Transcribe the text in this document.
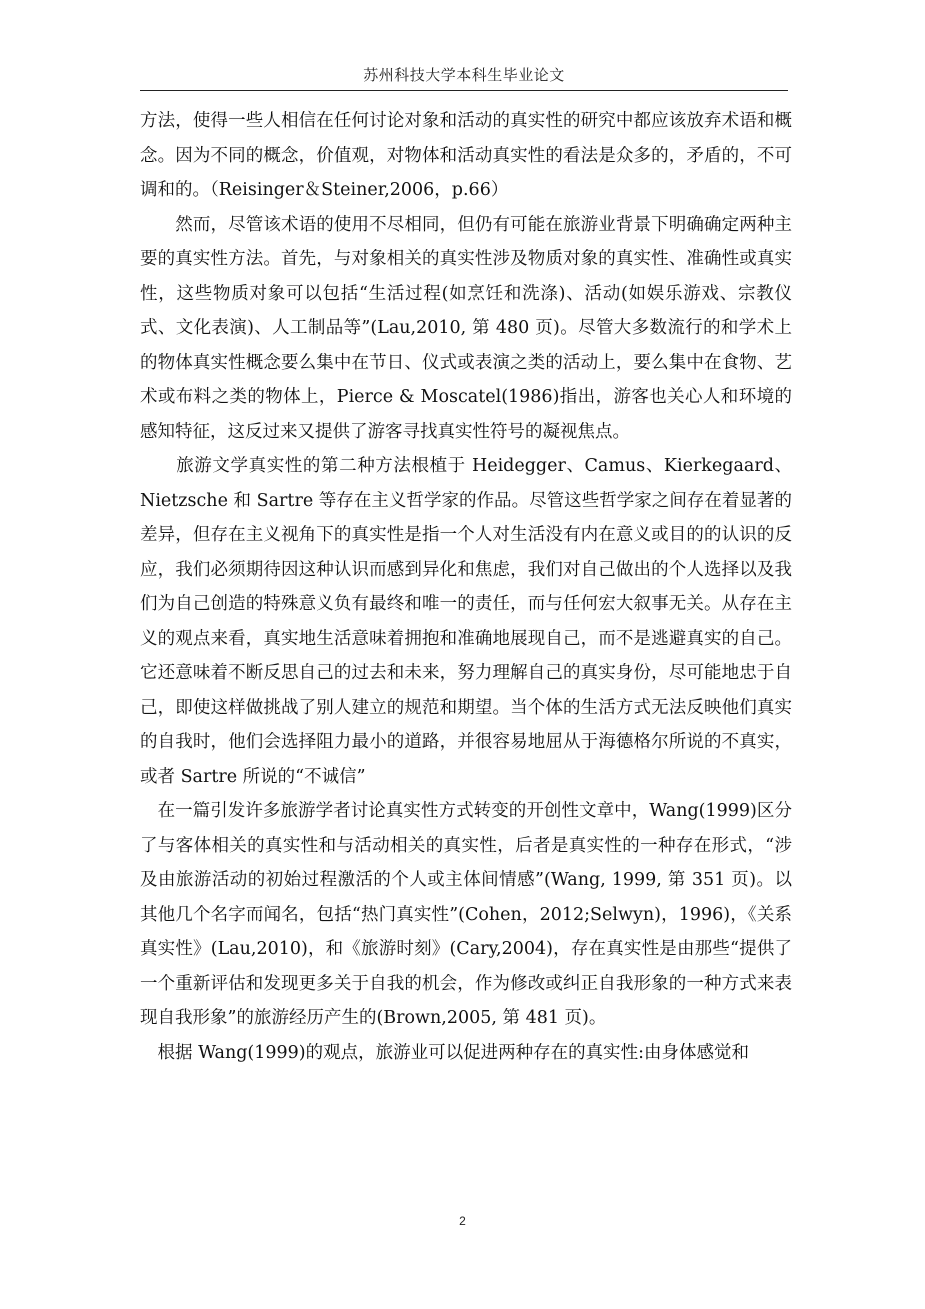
苏州科技大学本科生毕业论文

方法，使得一些人相信在任何讨论对象和活动的真实性的研究中都应该放弃术语和概念。因为不同的概念，价值观，对物体和活动真实性的看法是众多的，矛盾的，不可调和的。（Reisinger＆Steiner,2006，p.66）

　　然而，尽管该术语的使用不尽相同，但仍有可能在旅游业背景下明确确定两种主要的真实性方法。首先，与对象相关的真实性涉及物质对象的真实性、准确性或真实性，这些物质对象可以包括“生活过程(如烹饪和洗涤)、活动(如娱乐游戏、宗教仪式、文化表演)、人工制品等”(Lau,2010, 第 480 页)。尽管大多数流行的和学术上的物体真实性概念要么集中在节日、仪式或表演之类的活动上，要么集中在食物、艺术或布料之类的物体上，Pierce & Moscatel(1986)指出，游客也关心人和环境的感知特征，这反过来又提供了游客寻找真实性符号的凝视焦点。

　　旅游文学真实性的第二种方法根植于 Heidegger、Camus、Kierkegaard、Nietzsche 和 Sartre 等存在主义哲学家的作品。尽管这些哲学家之间存在着显著的差异，但存在主义视角下的真实性是指一个人对生活没有内在意义或目的的认识的反应，我们必须期待因这种认识而感到异化和焦虑，我们对自己做出的个人选择以及我们为自己创造的特殊意义负有最终和唯一的责任，而与任何宏大叙事无关。从存在主义的观点来看，真实地生活意味着拥抱和准确地展现自己，而不是逃避真实的自己。它还意味着不断反思自己的过去和未来，努力理解自己的真实身份，尽可能地忠于自己，即使这样做挑战了别人建立的规范和期望。当个体的生活方式无法反映他们真实的自我时，他们会选择阻力最小的道路，并很容易地屈从于海德格尔所说的不真实，或者 Sartre 所说的“不诚信”

　在一篇引发许多旅游学者讨论真实性方式转变的开创性文章中，Wang(1999)区分了与客体相关的真实性和与活动相关的真实性，后者是真实性的一种存在形式，“涉及由旅游活动的初始过程激活的个人或主体间情感”(Wang, 1999, 第 351 页)。以其他几个名字而闻名，包括“热门真实性”(Cohen，2012;Selwyn)，1996)，《关系真实性》(Lau,2010)，和《旅游时刻》(Cary,2004)，存在真实性是由那些“提供了一个重新评估和发现更多关于自我的机会，作为修改或纠正自我形象的一种方式来表现自我形象”的旅游经历产生的(Brown,2005, 第 481 页)。

　根据 Wang(1999)的观点，旅游业可以促进两种存在的真实性:由身体感觉和

2
